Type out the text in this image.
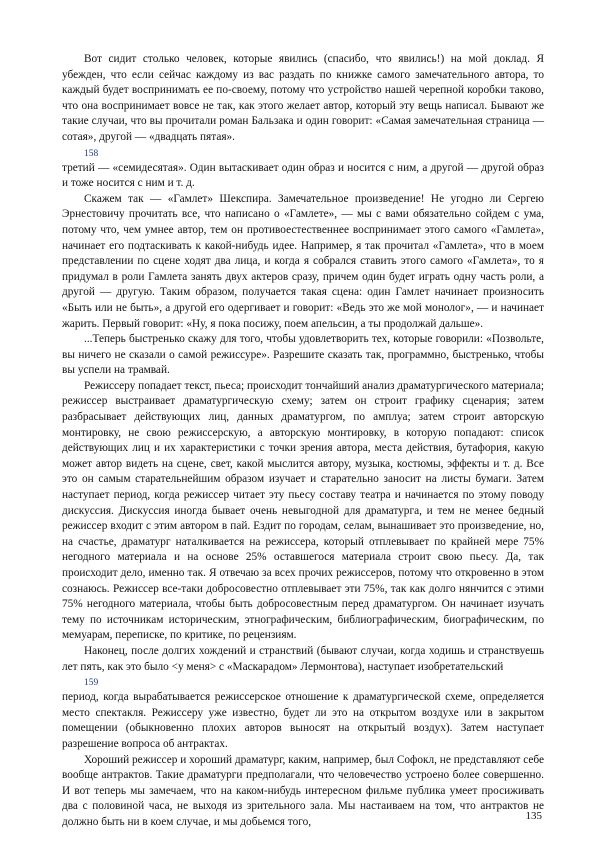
Вот сидит столько человек, которые явились (спасибо, что явились!) на мой доклад. Я убежден, что если сейчас каждому из вас раздать по книжке самого замечательного автора, то каждый будет воспринимать ее по-своему, потому что устройство нашей черепной коробки таково, что она воспринимает вовсе не так, как этого желает автор, который эту вещь написал. Бывают же такие случаи, что вы прочитали роман Бальзака и один говорит: «Самая замечательная страница — сотая», другой — «двадцать пятая».

158

третий — «семидесятая». Один вытаскивает один образ и носится с ним, а другой — другой образ и тоже носится с ним и т. д.

Скажем так — «Гамлет» Шекспира. Замечательное произведение! Не угодно ли Сергею Эрнестовичу прочитать все, что написано о «Гамлете», — мы с вами обязательно сойдем с ума, потому что, чем умнее автор, тем он противоестественнее воспринимает этого самого «Гамлета», начинает его подтаскивать к какой-нибудь идее. Например, я так прочитал «Гамлета», что в моем представлении по сцене ходят два лица, и когда я собрался ставить этого самого «Гамлета», то я придумал в роли Гамлета занять двух актеров сразу, причем один будет играть одну часть роли, а другой — другую. Таким образом, получается такая сцена: один Гамлет начинает произносить «Быть или не быть», а другой его одергивает и говорит: «Ведь это же мой монолог», — и начинает жарить. Первый говорит: «Ну, я пока посижу, поем апельсин, а ты продолжай дальше».

...Теперь быстренько скажу для того, чтобы удовлетворить тех, которые говорили: «Позвольте, вы ничего не сказали о самой режиссуре». Разрешите сказать так, программно, быстренько, чтобы вы успели на трамвай.

Режиссеру попадает текст, пьеса; происходит тончайший анализ драматургического материала; режиссер выстраивает драматургическую схему; затем он строит графику сценария; затем разбрасывает действующих лиц, данных драматургом, по амплуа; затем строит авторскую монтировку, не свою режиссерскую, а авторскую монтировку, в которую попадают: список действующих лиц и их характеристики с точки зрения автора, места действия, бутафория, какую может автор видеть на сцене, свет, какой мыслится автору, музыка, костюмы, эффекты и т. д. Все это он самым старательнейшим образом изучает и старательно заносит на листы бумаги. Затем наступает период, когда режиссер читает эту пьесу составу театра и начинается по этому поводу дискуссия. Дискуссия иногда бывает очень невыгодной для драматурга, и тем не менее бедный режиссер входит с этим автором в пай. Ездит по городам, селам, вынашивает это произведение, но, на счастье, драматург наталкивается на режиссера, который отплевывает по крайней мере 75% негодного материала и на основе 25% оставшегося материала строит свою пьесу. Да, так происходит дело, именно так. Я отвечаю за всех прочих режиссеров, потому что откровенно в этом сознаюсь. Режиссер все-таки добросовестно отплевывает эти 75%, так как долго нянчится с этими 75% негодного материала, чтобы быть добросовестным перед драматургом. Он начинает изучать тему по источникам историческим, этнографическим, библиографическим, биографическим, по мемуарам, переписке, по критике, по рецензиям.

Наконец, после долгих хождений и странствий (бывают случаи, когда ходишь и странствуешь лет пять, как это было <у меня> с «Маскарадом» Лермонтова), наступает изобретательский

159

период, когда вырабатывается режиссерское отношение к драматургической схеме, определяется место спектакля. Режиссеру уже известно, будет ли это на открытом воздухе или в закрытом помещении (обыкновенно плохих авторов выносят на открытый воздух). Затем наступает разрешение вопроса об антрактах.

Хороший режиссер и хороший драматург, каким, например, был Софокл, не представляют себе вообще антрактов. Такие драматурги предполагали, что человечество устроено более совершенно. И вот теперь мы замечаем, что на каком-нибудь интересном фильме публика умеет просиживать два с половиной часа, не выходя из зрительного зала. Мы настаиваем на том, что антрактов не должно быть ни в коем случае, и мы добьемся того,	135
